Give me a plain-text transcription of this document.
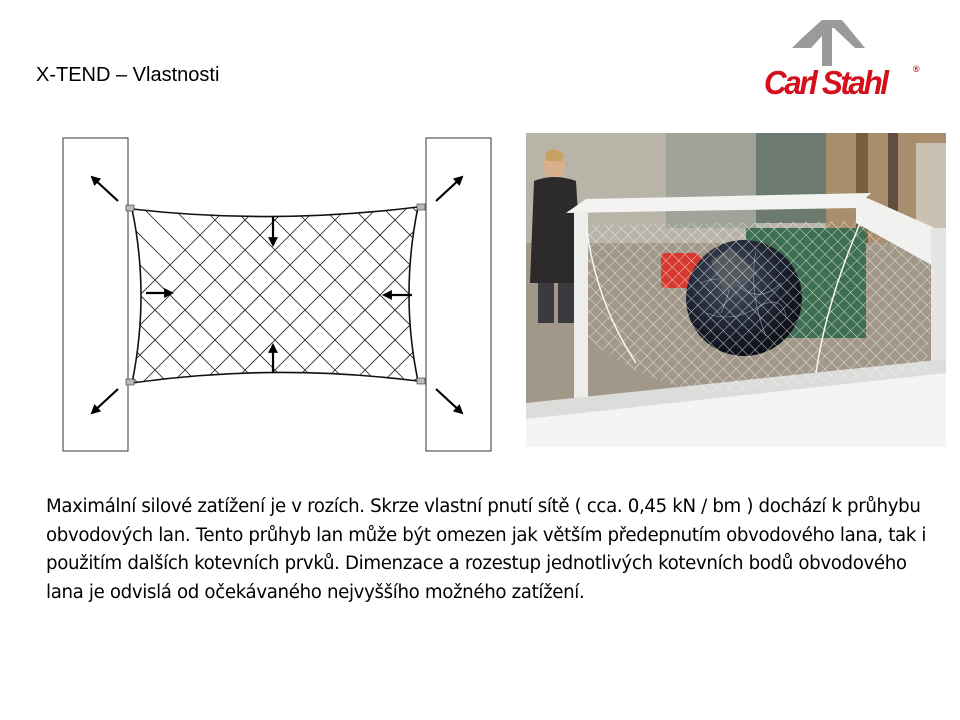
X-TEND – Vlastnosti	Carl Stahl	®
Maximální silové zatížení je v rozích. Skrze vlastní pnutí sítě ( cca. 0,45 kN / bm ) dochází k průhybu obvodových lan. Tento průhyb lan může být omezen jak větším předepnutím obvodového lana, tak i použitím dalších kotevních prvků. Dimenzace a rozestup jednotlivých kotevních bodů obvodového lana je odvislá od očekávaného nejvyššího možného zatížení.
